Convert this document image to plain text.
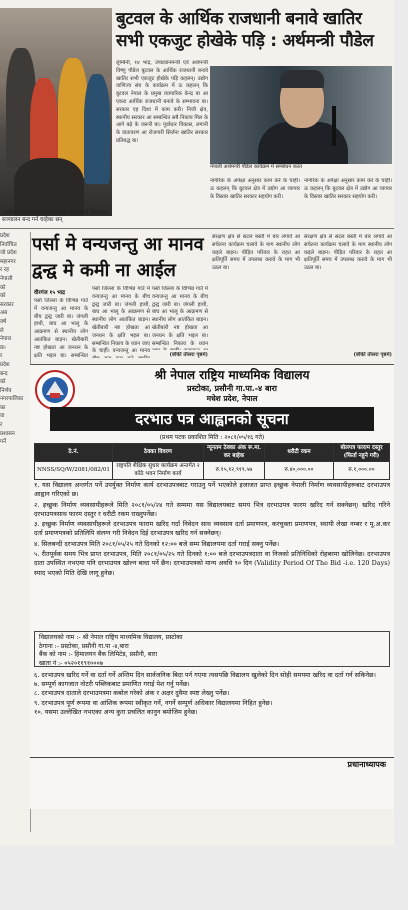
प्रदर्शन शिक्षक भन्दा बढी नेपाली सेना प्रहरी विद्यालय सञ्चालन बन्द गर्न चाहेका छन्
बुटवल के आर्थिक राजधानी बनावे खातिर सभी एकजुट होखेके पड़ि : अर्थमन्त्री पौडेल
लुम्बिनी, १४ भाद्र, उपप्रधानमन्त्री एवं अर्थमन्त्री विष्णु पौडेल बुटवल के आर्थिक राजधानी बनावे खातिर सभी एकजुट होखेके पड़ि कहलन्। उद्योग वाणिज्य संघ के कार्यक्रम में ऊ कहलन् कि बुटवल नेपाल के प्रमुख व्यापारिक केन्द्र बा आ एकरा आर्थिक राजधानी बनावे के सम्भावना बा। सरकार एह दिशा में काम करी। निजी क्षेत्र, स्थानीय सरकार आ सम्बन्धित सबै निकाय मिल के आगे बढ़े के जरूरी बा। पूर्वाधार विकास, लगानी के वातावरण आ रोजगारी सिर्जना खातिर सरकार प्रतिबद्ध बा।
नेपाली अर्थमन्त्री पौडेल कार्यक्रम में सम्बोधन करत
नागरिक के अपेक्षा अनुसार काम करे के चाहीं। ऊ कहलन् कि बुटवल क्षेत्र में उद्योग आ व्यापार के विस्तार खातिर सरकार सहयोग करी।
नागरिक के अपेक्षा अनुसार काम करे के चाहीं। ऊ कहलन् कि बुटवल क्षेत्र में उद्योग आ व्यापार के विस्तार खातिर सरकार सहयोग करी।
प्रदेश
निर्वाचित
जो प्रदेश
महानगर
र रह
नेपाली
को
को
सरकार
अब
वर्ष
ले
नेपाल
छ।
र
प्रदेश
बन्द
को
निर्णय
नगरपालिका
का
वा
र
प्रशासन
गर्ने
पर्सा मे वन्यजन्तु आ मानव द्वन्द्व मे कमी ना आईल
वीरगंज १५ भाद्र
पर्सा जिल्ला के विभिन्न गाउँ में वन्यजन्तु आ मानव के बीच द्वन्द्व जारी बा। जंगली हाथी, बाघ आ भालू के आक्रमण से स्थानीय लोग आतंकित बाड़न। खेतीबारी नष्ट होखता आ जनधन के क्षति भइल बा। सम्बन्धित
पर्सा जिल्ला के विभिन्न गाउँ में वन्यजन्तु आ मानव के बीच द्वन्द्व जारी बा। जंगली हाथी, बाघ आ भालू के आक्रमण से स्थानीय लोग आतंकित बाड़न। खेतीबारी नष्ट होखता आ जनधन के क्षति भइल बा। सम्बन्धित निकाय के ध्यान जाए के चाहीं। वन्यजन्तु आ मानव
पर्सा जिल्ला के विभिन्न गाउँ में वन्यजन्तु आ मानव के बीच द्वन्द्व जारी बा। जंगली हाथी, बाघ आ भालू के आक्रमण से स्थानीय लोग आतंकित बाड़न। खेतीबारी नष्ट होखता आ जनधन के क्षति भइल बा। सम्बन्धित निकाय के ध्यान
(बाँकी तीसरा पृष्ठमे)
संरक्षण क्षेत्र से सटल बस्ती में बार लगावे आ सचेतना कार्यक्रम चलावे के माग स्थानीय लोग कइले बाड़न। पीड़ित परिवार के राहत आ क्षतिपूर्ति समय में उपलब्ध करावे के माग भी उठल बा।
संरक्षण क्षेत्र से सटल बस्ती में बार लगावे आ सचेतना कार्यक्रम चलावे के माग स्थानीय लोग कइले बाड़न। पीड़ित परिवार के राहत आ क्षतिपूर्ति समय में उपलब्ध करावे के माग भी उठल बा।
(बाँकी तीसरा पृष्ठमे)
श्री नेपाल राष्ट्रिय माध्यमिक विद्यालय
प्रस्टोका, प्रसौनी गा.पा.-४ बारा
मधेश प्रदेश, नेपाल
दरभाउ पत्र आह्वानको सूचना
(प्रथम पटक प्रकाशित मिति : २०८१/०५/१६ गते)
ठे.नं.	ठेक्का विवरण	न्यूनतम ठेक्का अंक रू.मा. कर बाहेक	धरौटी रकम	बोलपत्र फाराम दस्तुर (फिर्ता नहुने गरी)
NNSS/SQ/W/2081/082/01	राष्ट्रपति शैक्षिक सुधार कार्यक्रम अन्तर्गत २ कोठे भवन निर्माण कार्य	रु.१५,१२,९१९.५७	रु.४०,०००.००	रु.१,०००.००

१. यस विद्यालय अन्तर्गत पर्ने उपर्युक्त निर्माण कार्य दरभाउपत्रबाट गराउनु पर्ने भएकोले इजाजत प्राप्त इच्छुक नेपाली निर्माण व्यवसायीहरूबाट दरभाउपत्र आह्वान गरिएको छ।

२. इच्छुक निर्माण व्यवसायीहरूले मिति २०८१/०५/२४ गते सम्ममा यस विद्यालयबाट समय भित्र दरभाउपत्र फारम खरिद गर्न सक्नेछन्। खरिद गरिने दरभाउपत्रसाथ फारम दस्तुर र धरौटी रकम राख्नुपर्नेछ।

३. इच्छुक निर्माण व्यवसायीहरूले दरभाउपत्र फाराम खरिद गर्दा निवेदन साथ व्यवसाय दर्ता प्रमाणपत्र, करचुक्ता प्रमाणपत्र, स्थायी लेखा नम्बर र मू.अ.कर दर्ता प्रमाणपत्रको प्रतिलिपि संलग्न गरी निवेदन दिई दरभाउपत्र खरिद गर्न सक्नेछन्।

४. सिलबन्दी दरभाउपत्र मिति २०८१/०५/२५ गते दिनको १२:०० बजे सम्म विद्यालयमा दर्ता गराई सक्नु पर्नेछ।

५. रीतपूर्वक समय भित्र प्राप्त दरभाउपत्र, मिति २०८१/०५/२५ गते दिनको १:०० बजे दरभाउपत्रदाता वा निजको प्रतिनिधिको रोहबरमा खोलिनेछ। दरभाउपत्र दाता उपस्थित नभएमा पनि दरभाउपत्र खोल्न बाधा पर्ने छैन। दरभाउपत्रको मान्य अवधि ९० दिन (Validity Period Of The Bid -i.e. 120 Days) स्याद भएको मिति देखि लागू हुनेछ।

विद्यालयको नाम :- श्री नेपाल राष्ट्रिय माध्यमिक विद्यालय, प्रस्टोका
ठेगाना :- प्रस्टोका, प्रसौनी गा.पा -४,बारा
बैंक को नाम :- हिमालयन बैंक लिमिटेड, प्रसौनी, बारा
खाता नं :- ०५२०११९१०००७

६. दरभाउपत्र खरिद गर्ने वा दर्ता गर्ने अन्तिम दिन सार्वजनिक बिदा पर्न गएमा त्यसपछि विद्यालय खुलेको दिन सोही समयमा खरिद वा दर्ता गर्न सकिनेछ।

७. सम्पूर्ण कागजात नोटरी पब्लिकबाट प्रमाणित गराई पेश गर्नु पर्नेछ।

८. दरभाउपत्र दाताले दरभाउपत्रमा कबोल गरेको अंक र अक्षर दुवैमा स्पष्ट लेख्नु पर्नेछ।

९. दरभाउपत्र पूर्ण रूपमा वा आंशिक रूपमा स्वीकृत गर्ने, नगर्ने सम्पूर्ण अधिकार विद्यालयमा निहित हुनेछ।

१०. यसमा उल्लेखित नभएका अन्य कुरा प्रचलित कानुन बमोजिम हुनेछ।

प्रधानाध्यापक
